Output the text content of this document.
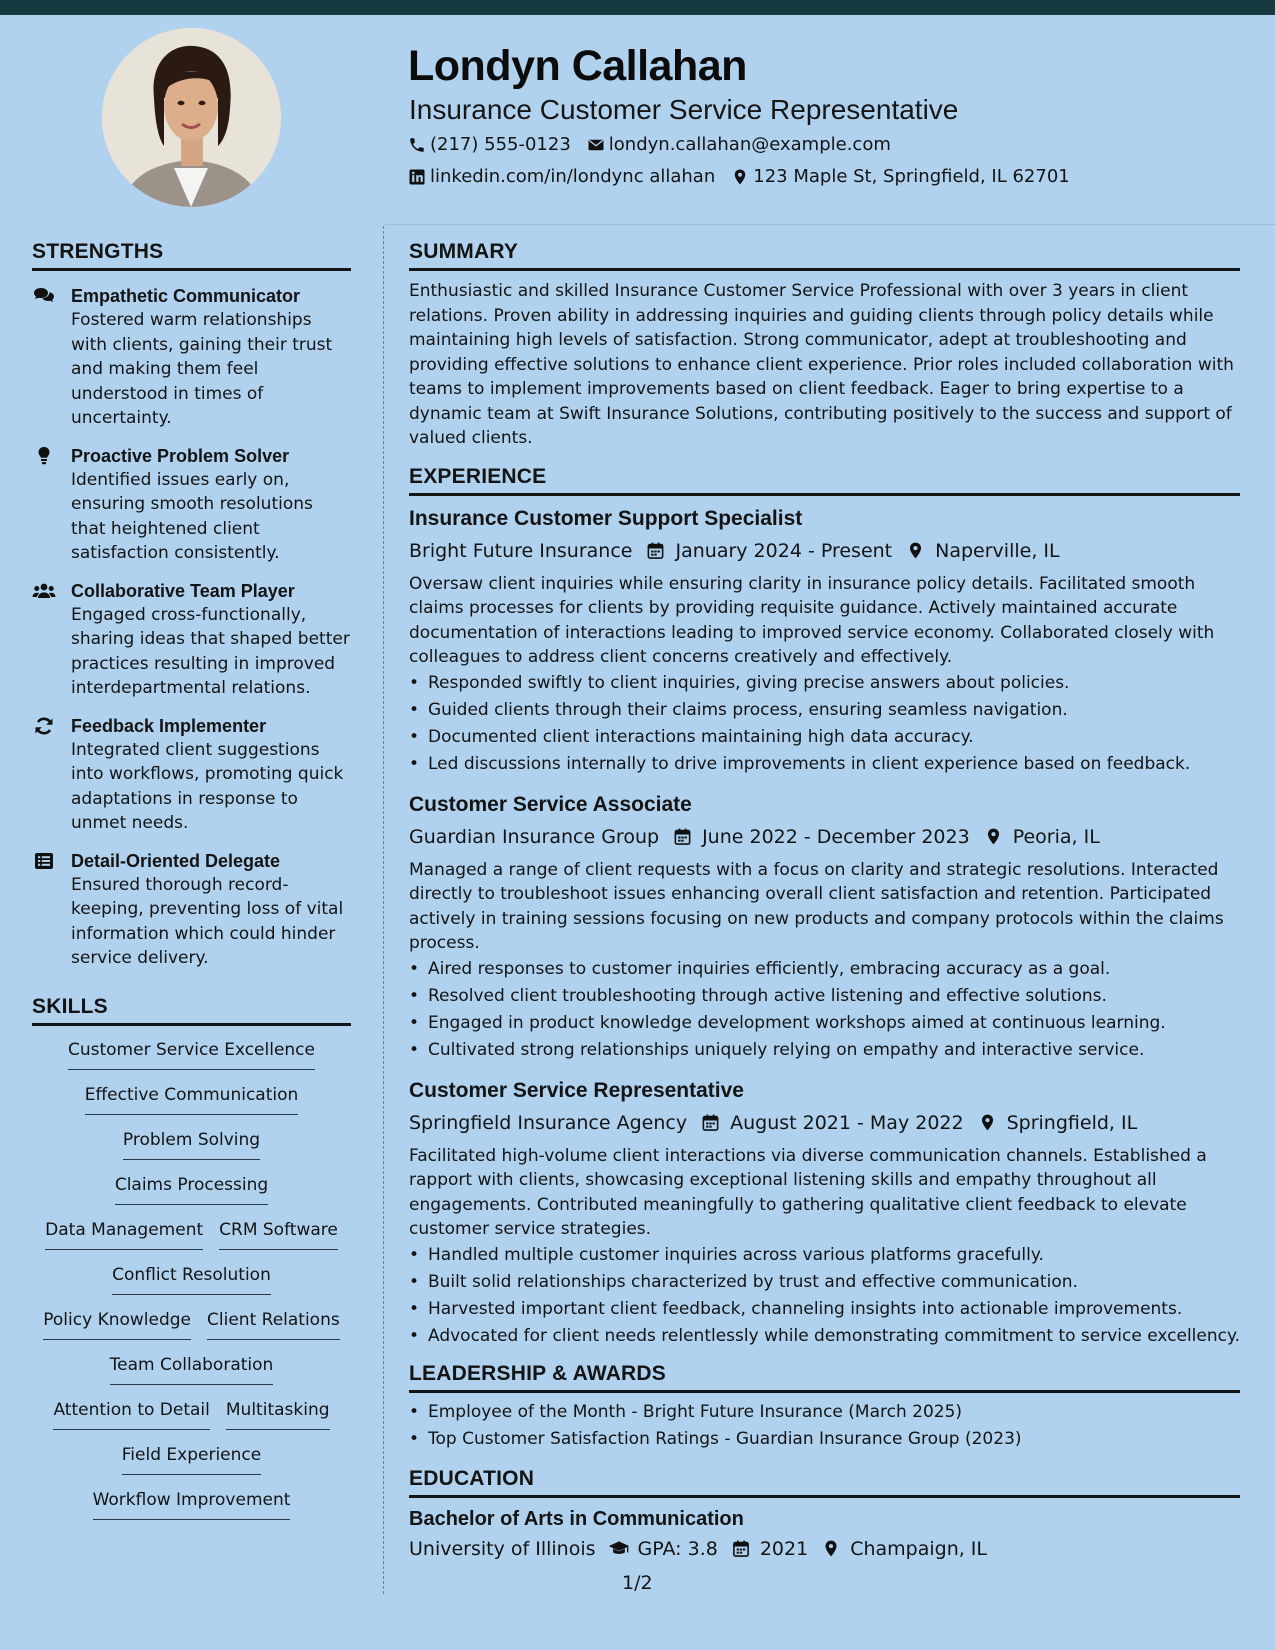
Londyn Callahan
Insurance Customer Service Representative
(217) 555-0123 londyn.callahan@example.com
linkedin.com/in/londync allahan 123 Maple St, Springfield, IL 62701
STRENGTHS
Empathetic Communicator
Fostered warm relationships with clients, gaining their trust and making them feel understood in times of uncertainty.
Proactive Problem Solver
Identified issues early on, ensuring smooth resolutions that heightened client satisfaction consistently.
Collaborative Team Player
Engaged cross-functionally, sharing ideas that shaped better practices resulting in improved interdepartmental relations.
Feedback Implementer
Integrated client suggestions into workflows, promoting quick adaptations in response to unmet needs.
Detail-Oriented Delegate
Ensured thorough record-keeping, preventing loss of vital information which could hinder service delivery.
SKILLS
Customer Service Excellence
Effective Communication
Problem Solving
Claims Processing
Data Management CRM Software
Conflict Resolution
Policy Knowledge Client Relations
Team Collaboration
Attention to Detail Multitasking
Field Experience
Workflow Improvement
SUMMARY
Enthusiastic and skilled Insurance Customer Service Professional with over 3 years in client relations. Proven ability in addressing inquiries and guiding clients through policy details while maintaining high levels of satisfaction. Strong communicator, adept at troubleshooting and providing effective solutions to enhance client experience. Prior roles included collaboration with teams to implement improvements based on client feedback. Eager to bring expertise to a dynamic team at Swift Insurance Solutions, contributing positively to the success and support of valued clients.
EXPERIENCE
Insurance Customer Support Specialist
Bright Future Insurance January 2024 - Present Naperville, IL
Oversaw client inquiries while ensuring clarity in insurance policy details. Facilitated smooth claims processes for clients by providing requisite guidance. Actively maintained accurate documentation of interactions leading to improved service economy. Collaborated closely with colleagues to address client concerns creatively and effectively.
• Responded swiftly to client inquiries, giving precise answers about policies.
• Guided clients through their claims process, ensuring seamless navigation.
• Documented client interactions maintaining high data accuracy.
• Led discussions internally to drive improvements in client experience based on feedback.
Customer Service Associate
Guardian Insurance Group June 2022 - December 2023 Peoria, IL
Managed a range of client requests with a focus on clarity and strategic resolutions. Interacted directly to troubleshoot issues enhancing overall client satisfaction and retention. Participated actively in training sessions focusing on new products and company protocols within the claims process.
• Aired responses to customer inquiries efficiently, embracing accuracy as a goal.
• Resolved client troubleshooting through active listening and effective solutions.
• Engaged in product knowledge development workshops aimed at continuous learning.
• Cultivated strong relationships uniquely relying on empathy and interactive service.
Customer Service Representative
Springfield Insurance Agency August 2021 - May 2022 Springfield, IL
Facilitated high-volume client interactions via diverse communication channels. Established a rapport with clients, showcasing exceptional listening skills and empathy throughout all engagements. Contributed meaningfully to gathering qualitative client feedback to elevate customer service strategies.
• Handled multiple customer inquiries across various platforms gracefully.
• Built solid relationships characterized by trust and effective communication.
• Harvested important client feedback, channeling insights into actionable improvements.
• Advocated for client needs relentlessly while demonstrating commitment to service excellency.
LEADERSHIP & AWARDS
• Employee of the Month - Bright Future Insurance (March 2025)
• Top Customer Satisfaction Ratings - Guardian Insurance Group (2023)
EDUCATION
Bachelor of Arts in Communication
University of Illinois GPA: 3.8 2021 Champaign, IL
1/2
